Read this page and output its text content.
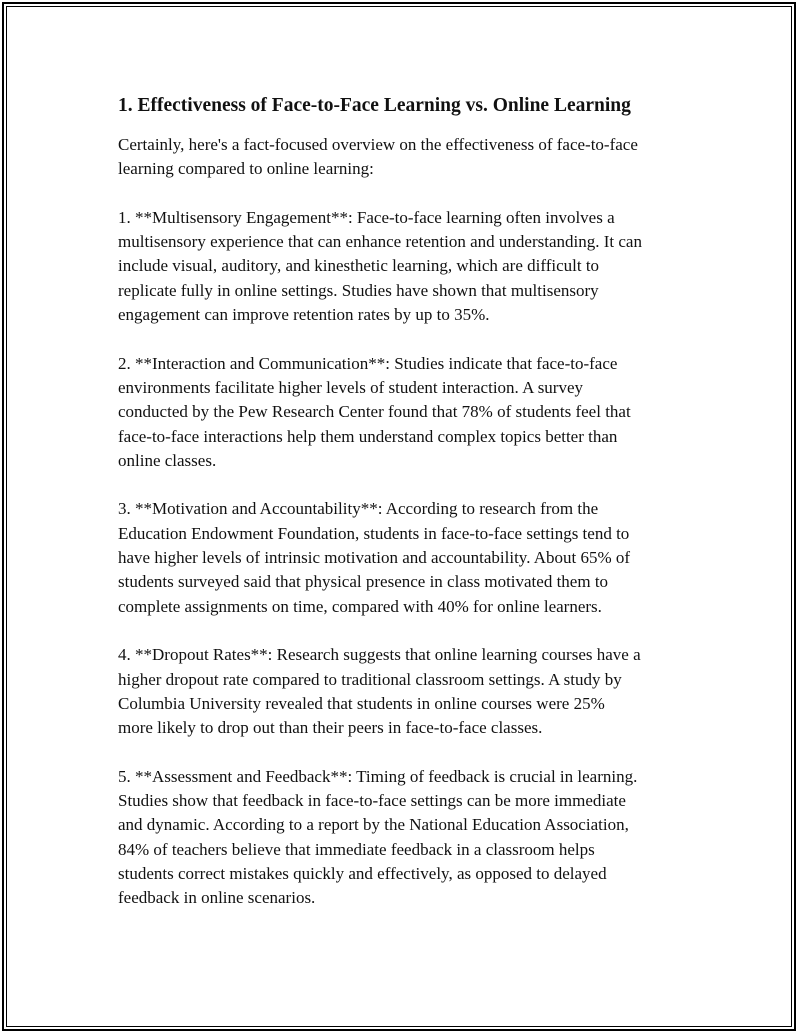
1. Effectiveness of Face-to-Face Learning vs. Online Learning

Certainly, here's a fact-focused overview on the effectiveness of face-to-face
learning compared to online learning:

1. **Multisensory Engagement**: Face-to-face learning often involves a
multisensory experience that can enhance retention and understanding. It can
include visual, auditory, and kinesthetic learning, which are difficult to
replicate fully in online settings. Studies have shown that multisensory
engagement can improve retention rates by up to 35%.

2. **Interaction and Communication**: Studies indicate that face-to-face
environments facilitate higher levels of student interaction. A survey
conducted by the Pew Research Center found that 78% of students feel that
face-to-face interactions help them understand complex topics better than
online classes.

3. **Motivation and Accountability**: According to research from the
Education Endowment Foundation, students in face-to-face settings tend to
have higher levels of intrinsic motivation and accountability. About 65% of
students surveyed said that physical presence in class motivated them to
complete assignments on time, compared with 40% for online learners.

4. **Dropout Rates**: Research suggests that online learning courses have a
higher dropout rate compared to traditional classroom settings. A study by
Columbia University revealed that students in online courses were 25%
more likely to drop out than their peers in face-to-face classes.

5. **Assessment and Feedback**: Timing of feedback is crucial in learning.
Studies show that feedback in face-to-face settings can be more immediate
and dynamic. According to a report by the National Education Association,
84% of teachers believe that immediate feedback in a classroom helps
students correct mistakes quickly and effectively, as opposed to delayed
feedback in online scenarios.
